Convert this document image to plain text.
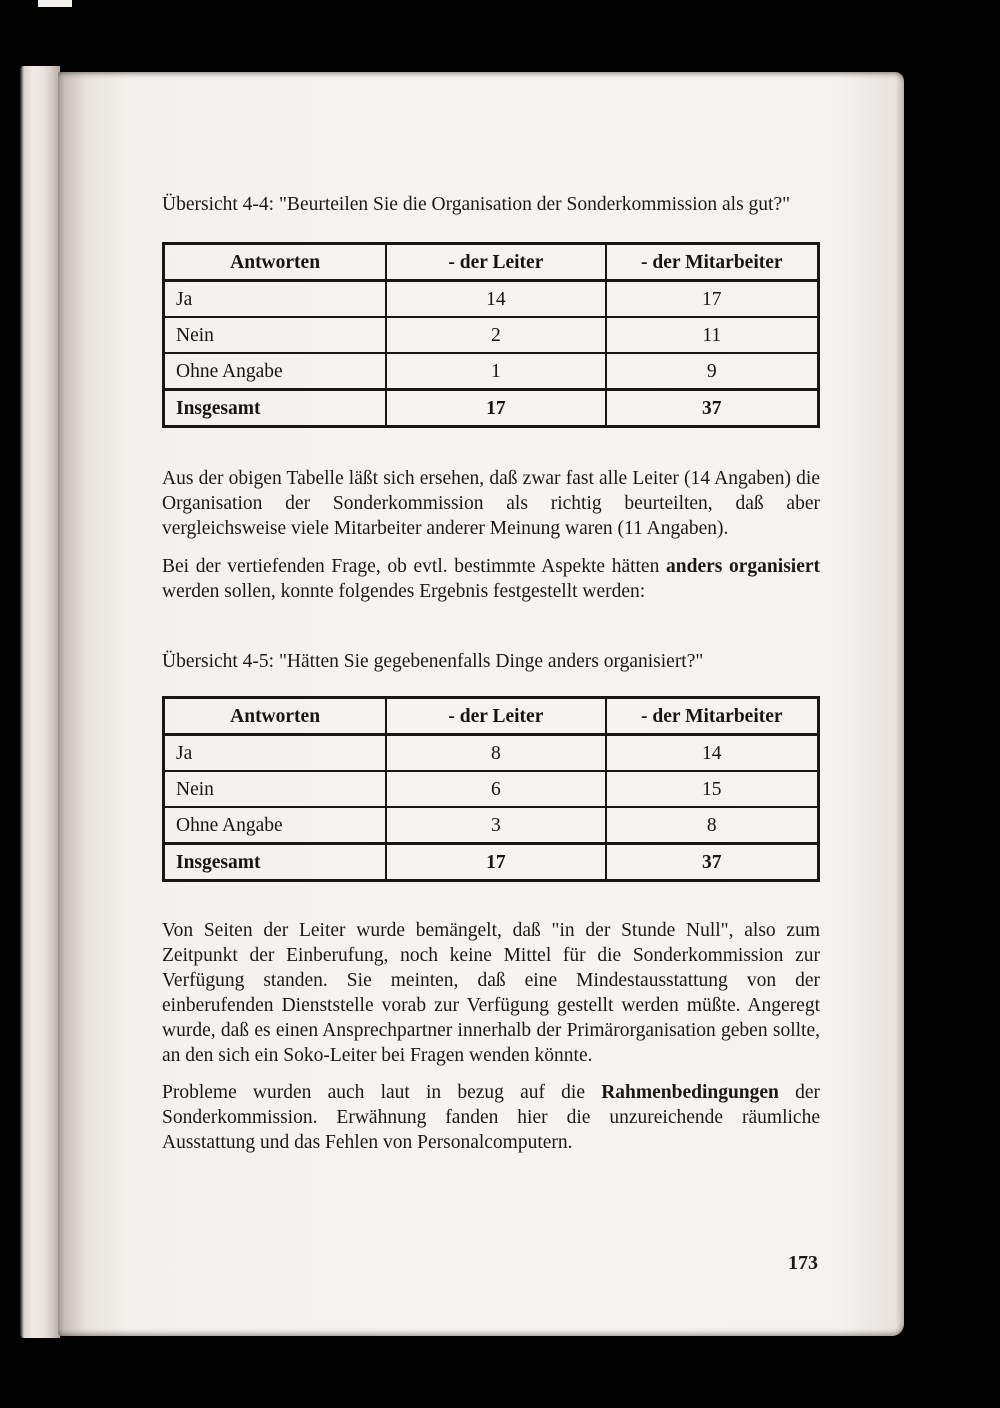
Übersicht 4-4: "Beurteilen Sie die Organisation der Sonderkommission als gut?"

Antworten	- der Leiter	- der Mitarbeiter
Ja	14	17
Nein	2	11
Ohne Angabe	1	9
Insgesamt	17	37

Aus der obigen Tabelle läßt sich ersehen, daß zwar fast alle Leiter (14 Angaben) die Organisation der Sonderkommission als richtig beurteilten, daß aber vergleichsweise viele Mitarbeiter anderer Meinung waren (11 Angaben).

Bei der vertiefenden Frage, ob evtl. bestimmte Aspekte hätten anders organisiert werden sollen, konnte folgendes Ergebnis festgestellt werden:

Übersicht 4-5: "Hätten Sie gegebenenfalls Dinge anders organisiert?"

Antworten	- der Leiter	- der Mitarbeiter
Ja	8	14
Nein	6	15
Ohne Angabe	3	8
Insgesamt	17	37

Von Seiten der Leiter wurde bemängelt, daß "in der Stunde Null", also zum Zeitpunkt der Einberufung, noch keine Mittel für die Sonderkommission zur Verfügung standen. Sie meinten, daß eine Mindestausstattung von der einberufenden Dienststelle vorab zur Verfügung gestellt werden müßte. Angeregt wurde, daß es einen Ansprechpartner innerhalb der Primärorganisation geben sollte, an den sich ein Soko-Leiter bei Fragen wenden könnte.

Probleme wurden auch laut in bezug auf die Rahmenbedingungen der Sonderkommission. Erwähnung fanden hier die unzureichende räumliche Ausstattung und das Fehlen von Personalcomputern.

173
